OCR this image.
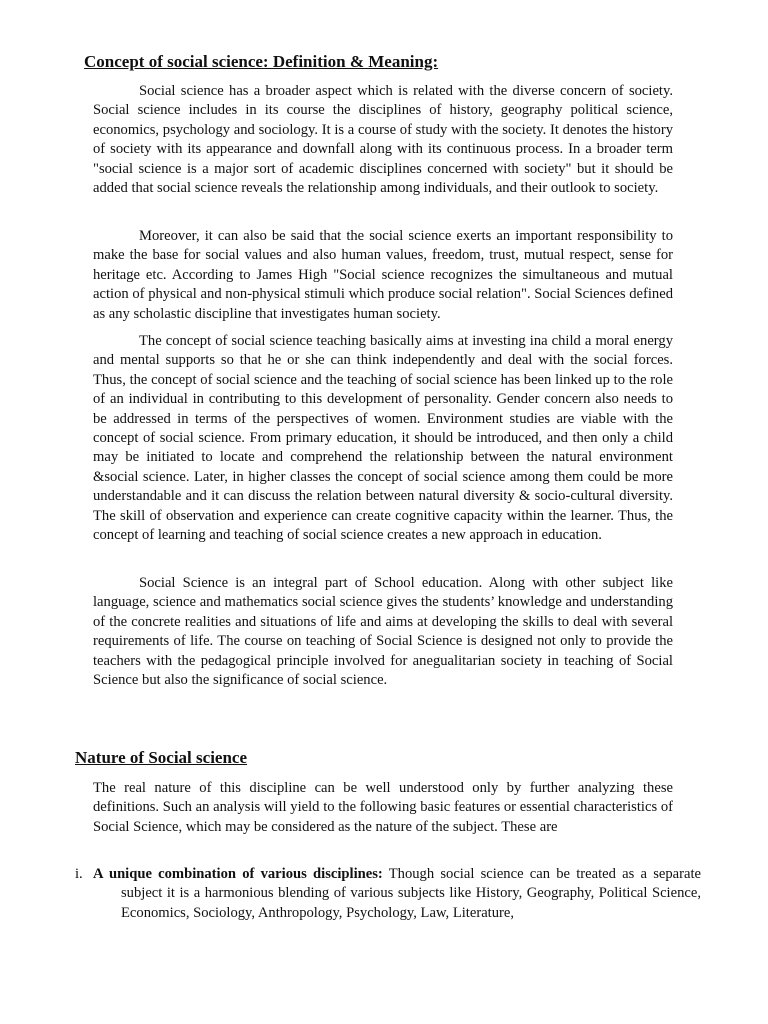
Concept of social science: Definition & Meaning:

Social science has a broader aspect which is related with the diverse concern of society. Social science includes in its course the disciplines of history, geography political science, economics, psychology and sociology. It is a course of study with the society. It denotes the history of society with its appearance and downfall along with its continuous process. In a broader term "social science is a major sort of academic disciplines concerned with society" but it should be added that social science reveals the relationship among individuals, and their outlook to society.

Moreover, it can also be said that the social science exerts an important responsibility to make the base for social values and also human values, freedom, trust, mutual respect, sense for heritage etc. According to James High "Social science recognizes the simultaneous and mutual action of physical and non-physical stimuli which produce social relation". Social Sciences defined as any scholastic discipline that investigates human society.

The concept of social science teaching basically aims at investing ina child a moral energy and mental supports so that he or she can think independently and deal with the social forces. Thus, the concept of social science and the teaching of social science has been linked up to the role of an individual in contributing to this development of personality. Gender concern also needs to be addressed in terms of the perspectives of women. Environment studies are viable with the concept of social science. From primary education, it should be introduced, and then only a child may be initiated to locate and comprehend the relationship between the natural environment &social science. Later, in higher classes the concept of social science among them could be more understandable and it can discuss the relation between natural diversity & socio-cultural diversity. The skill of observation and experience can create cognitive capacity within the learner. Thus, the concept of learning and teaching of social science creates a new approach in education.

Social Science is an integral part of School education. Along with other subject like language, science and mathematics social science gives the students’ knowledge and understanding of the concrete realities and situations of life and aims at developing the skills to deal with several requirements of life. The course on teaching of Social Science is designed not only to provide the teachers with the pedagogical principle involved for anegualitarian society in teaching of Social Science but also the significance of social science.

Nature of Social science

The real nature of this discipline can be well understood only by further analyzing these definitions. Such an analysis will yield to the following basic features or essential characteristics of Social Science, which may be considered as the nature of the subject. These are

i. A unique combination of various disciplines: Though social science can be treated as a separate subject it is a harmonious blending of various subjects like History, Geography, Political Science, Economics, Sociology, Anthropology, Psychology, Law, Literature,
